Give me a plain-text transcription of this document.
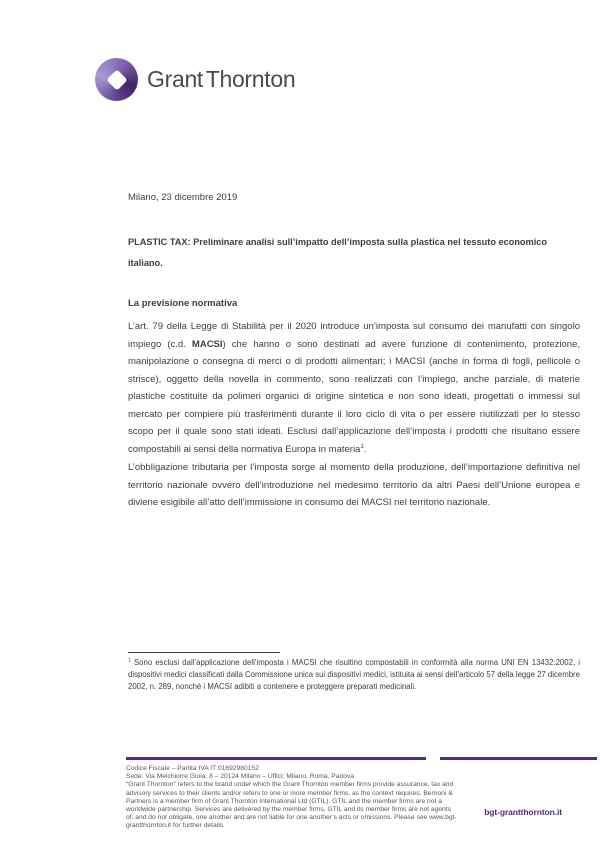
Grant Thornton
Milano, 23 dicembre 2019
PLASTIC TAX: Preliminare analisi sull’impatto dell’imposta sulla plastica nel tessuto economico italiano.
La previsione normativa

L’art. 79 della Legge di Stabilità per il 2020 introduce un’imposta sul consumo dei manufatti con singolo impiego (c.d. MACSI) che hanno o sono destinati ad avere funzione di contenimento, protezione, manipolazione o consegna di merci o di prodotti alimentari; i MACSI (anche in forma di fogli, pellicole o strisce), oggetto della novella in commento, sono realizzati con l’impiego, anche parziale, di materie plastiche costituite da polimeri organici di origine sintetica e non sono ideati, progettati o immessi sul mercato per compiere più trasferimenti durante il loro ciclo di vita o per essere riutilizzati per lo stesso scopo per il quale sono stati ideati. Esclusi dall’applicazione dell’imposta i prodotti che risultano essere compostabili ai sensi della normativa Europa in materia$^1$.

L’obbligazione tributaria per l’imposta sorge al momento della produzione, dell’importazione definitiva nel territorio nazionale ovvero dell’introduzione nel medesimo territorio da altri Paesi dell’Unione europea e diviene esigibile all’atto dell’immissione in consumo dei MACSI nel territorio nazionale.

$^1$ Sono esclusi dall’applicazione dell’imposta i MACSI che risultino compostabili in conformità alla norma UNI EN 13432:2002, i dispositivi medici classificati dalla Commissione unica sui dispositivi medici, istituita ai sensi dell’articolo 57 della legge 27 dicembre 2002, n. 289, nonché i MACSI adibiti a contenere e proteggere preparati medicinali.

Codice Fiscale – Partita IVA IT 01692980152
Sede: Via Melchiorre Gioia, 8 – 20124 Milano – Uffici: Milano, Roma, Padova
“Grant Thornton” refers to the brand under which the Grant Thornton member firms provide assurance, tax and advisory services to their clients and/or refers to one or more member firms, as the context requires. Bernoni & Partners is a member firm of Grant Thornton International Ltd (GTIL). GTIL and the member firms are not a worldwide partnership. Services are delivered by the member firms. GTIL and its member firms are not agents of, and do not obligate, one another and are not liable for one another’s acts or omissions. Please see www.bgt-grantthornton.it for further details.
bgt-grantthornton.it
